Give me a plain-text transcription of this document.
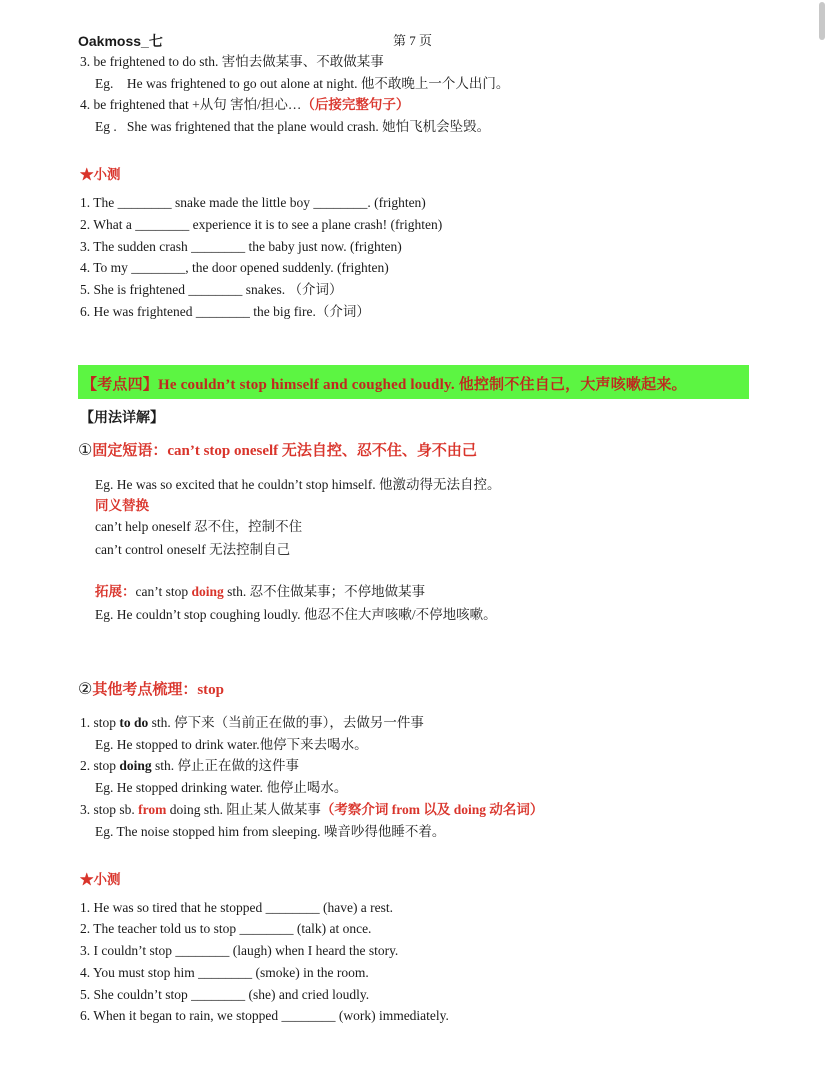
Oakmoss_七	第 7 页
3. be frightened to do sth. 害怕去做某事、不敢做某事
Eg. He was frightened to go out alone at night. 他不敢晚上一个人出门。
4. be frightened that +从句 害怕/担心…（后接完整句子）
Eg . She was frightened that the plane would crash. 她怕飞机会坠毁。
★小测
1. The ________ snake made the little boy ________. (frighten)
2. What a ________ experience it is to see a plane crash! (frighten)
3. The sudden crash ________ the baby just now. (frighten)
4. To my ________, the door opened suddenly. (frighten)
5. She is frightened ________ snakes. （介词）
6. He was frightened ________ the big fire.（介词）
【考点四】He couldn’t stop himself and coughed loudly. 他控制不住自己，大声咳嗽起来。
【用法详解】
①固定短语：can’t stop oneself 无法自控、忍不住、身不由己
Eg. He was so excited that he couldn’t stop himself. 他激动得无法自控。
同义替换
can’t help oneself 忍不住，控制不住
can’t control oneself 无法控制自己
拓展：can’t stop doing sth. 忍不住做某事；不停地做某事
Eg. He couldn’t stop coughing loudly. 他忍不住大声咳嗽/不停地咳嗽。
②其他考点梳理：stop
1. stop to do sth. 停下来（当前正在做的事），去做另一件事
Eg. He stopped to drink water.他停下来去喝水。
2. stop doing sth. 停止正在做的这件事
Eg. He stopped drinking water. 他停止喝水。
3. stop sb. from doing sth. 阻止某人做某事（考察介词 from 以及 doing 动名词）
Eg. The noise stopped him from sleeping. 噪音吵得他睡不着。
★小测
1. He was so tired that he stopped ________ (have) a rest.
2. The teacher told us to stop ________ (talk) at once.
3. I couldn’t stop ________ (laugh) when I heard the story.
4. You must stop him ________ (smoke) in the room.
5. She couldn’t stop ________ (she) and cried loudly.
6. When it began to rain, we stopped ________ (work) immediately.
